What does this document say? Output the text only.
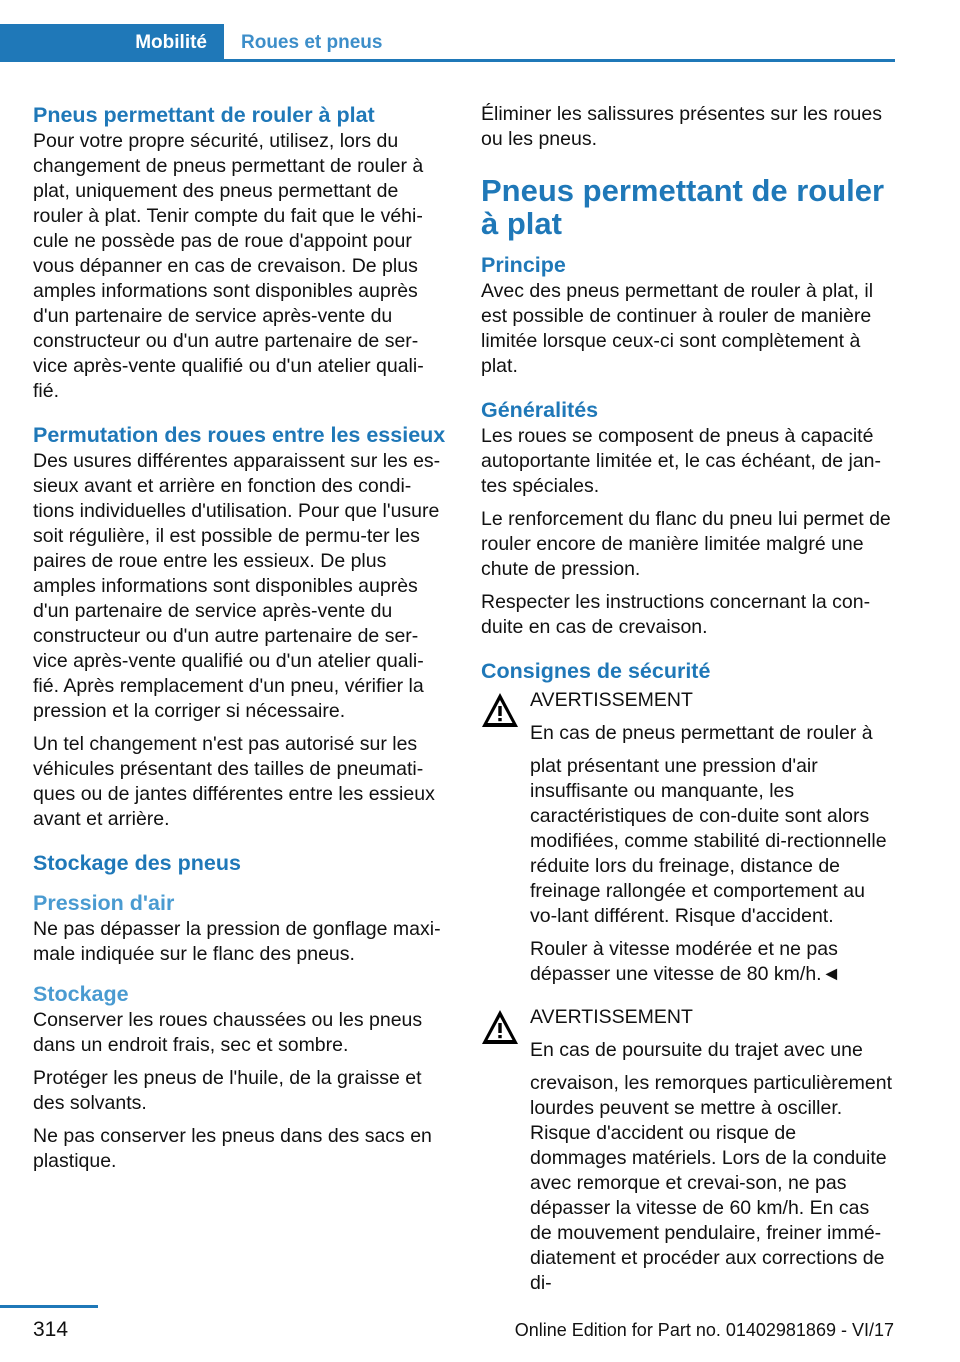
Mobilité	Roues et pneus
Pneus permettant de rouler à plat

Pour votre propre sécurité, utilisez, lors du changement de pneus permettant de rouler à plat, uniquement des pneus permettant de rouler à plat. Tenir compte du fait que le véhi-cule ne possède pas de roue d'appoint pour vous dépanner en cas de crevaison. De plus amples informations sont disponibles auprès d'un partenaire de service après-vente du constructeur ou d'un autre partenaire de ser-vice après-vente qualifié ou d'un atelier quali-fié.

Permutation des roues entre les essieux

Des usures différentes apparaissent sur les es-sieux avant et arrière en fonction des condi-tions individuelles d'utilisation. Pour que l'usure soit régulière, il est possible de permu-ter les paires de roue entre les essieux. De plus amples informations sont disponibles auprès d'un partenaire de service après-vente du constructeur ou d'un autre partenaire de ser-vice après-vente qualifié ou d'un atelier quali-fié. Après remplacement d'un pneu, vérifier la pression et la corriger si nécessaire.

Un tel changement n'est pas autorisé sur les véhicules présentant des tailles de pneumati-ques ou de jantes différentes entre les essieux avant et arrière.

Stockage des pneus
Pression d'air

Ne pas dépasser la pression de gonflage maxi-male indiquée sur le flanc des pneus.

Stockage

Conserver les roues chaussées ou les pneus dans un endroit frais, sec et sombre.

Protéger les pneus de l'huile, de la graisse et des solvants.

Ne pas conserver les pneus dans des sacs en plastique.

Éliminer les salissures présentes sur les roues ou les pneus.

Pneus permettant de rouler à plat
Principe

Avec des pneus permettant de rouler à plat, il est possible de continuer à rouler de manière limitée lorsque ceux-ci sont complètement à plat.

Généralités

Les roues se composent de pneus à capacité autoportante limitée et, le cas échéant, de jan-tes spéciales.

Le renforcement du flanc du pneu lui permet de rouler encore de manière limitée malgré une chute de pression.

Respecter les instructions concernant la con-duite en cas de crevaison.

Consignes de sécurité

AVERTISSEMENT

En cas de pneus permettant de rouler à

plat présentant une pression d'air insuffisante ou manquante, les caractéristiques de con-duite sont alors modifiées, comme stabilité di-rectionnelle réduite lors du freinage, distance de freinage rallongée et comportement au vo-lant différent. Risque d'accident.

Rouler à vitesse modérée et ne pas dépasser une vitesse de 80 km/h.◄

AVERTISSEMENT

En cas de poursuite du trajet avec une

crevaison, les remorques particulièrement lourdes peuvent se mettre à osciller. Risque d'accident ou risque de dommages matériels. Lors de la conduite avec remorque et crevai-son, ne pas dépasser la vitesse de 60 km/h. En cas de mouvement pendulaire, freiner immé-diatement et procéder aux corrections de di-

314	Online Edition for Part no. 01402981869 - VI/17
